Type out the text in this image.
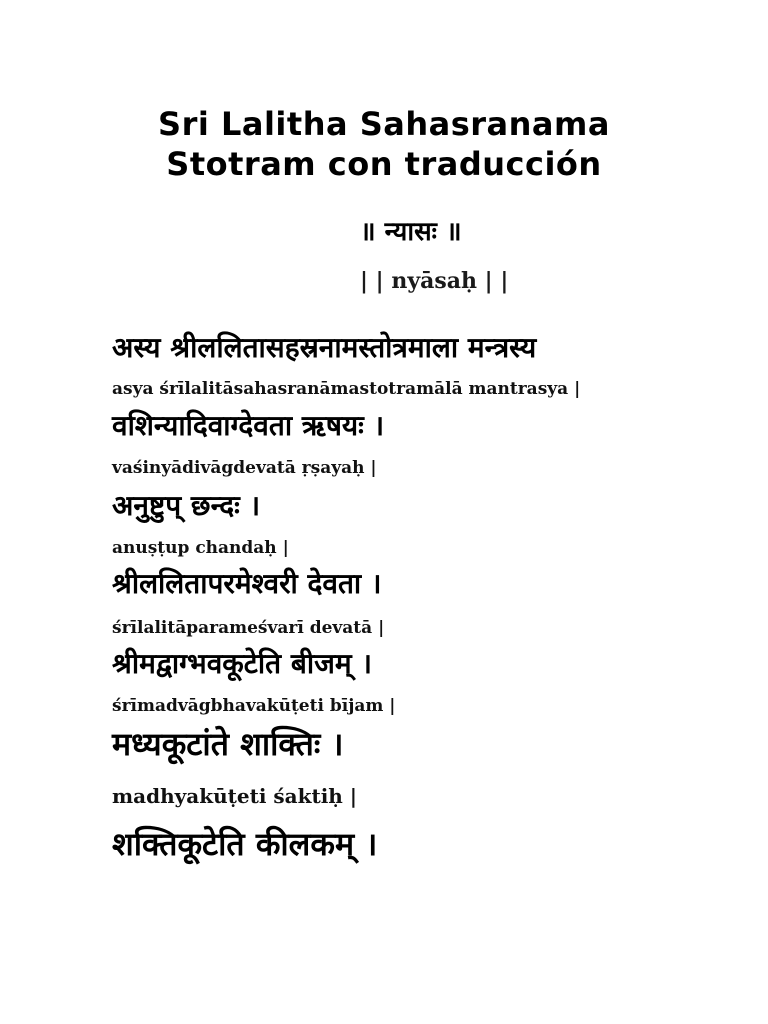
Sri Lalitha Sahasranama
Stotram con traducción
॥ न्यासः ॥
| | nyāsaḥ | |
अस्य श्रीललितासहस्रनामस्तोत्रमाला मन्त्रस्य
asya śrīlalitāsahasranāmastotramālā mantrasya |
वशिन्यादिवाग्देवता ऋषयः ।
vaśinyādivāgdevatā ṛṣayaḥ |
अनुष्टुप् छन्दः ।
anuṣṭup chandaḥ |
श्रीललितापरमेश्वरी देवता ।
śrīlalitāparameśvarī devatā |
श्रीमद्वाग्भवकूटेति बीजम् ।
śrīmadvāgbhavakūṭeti bījam |
मध्यकूटांते शाक्तिः ।
madhyakūṭeti śaktiḥ |
शक्तिकूटेति कीलकम् ।
